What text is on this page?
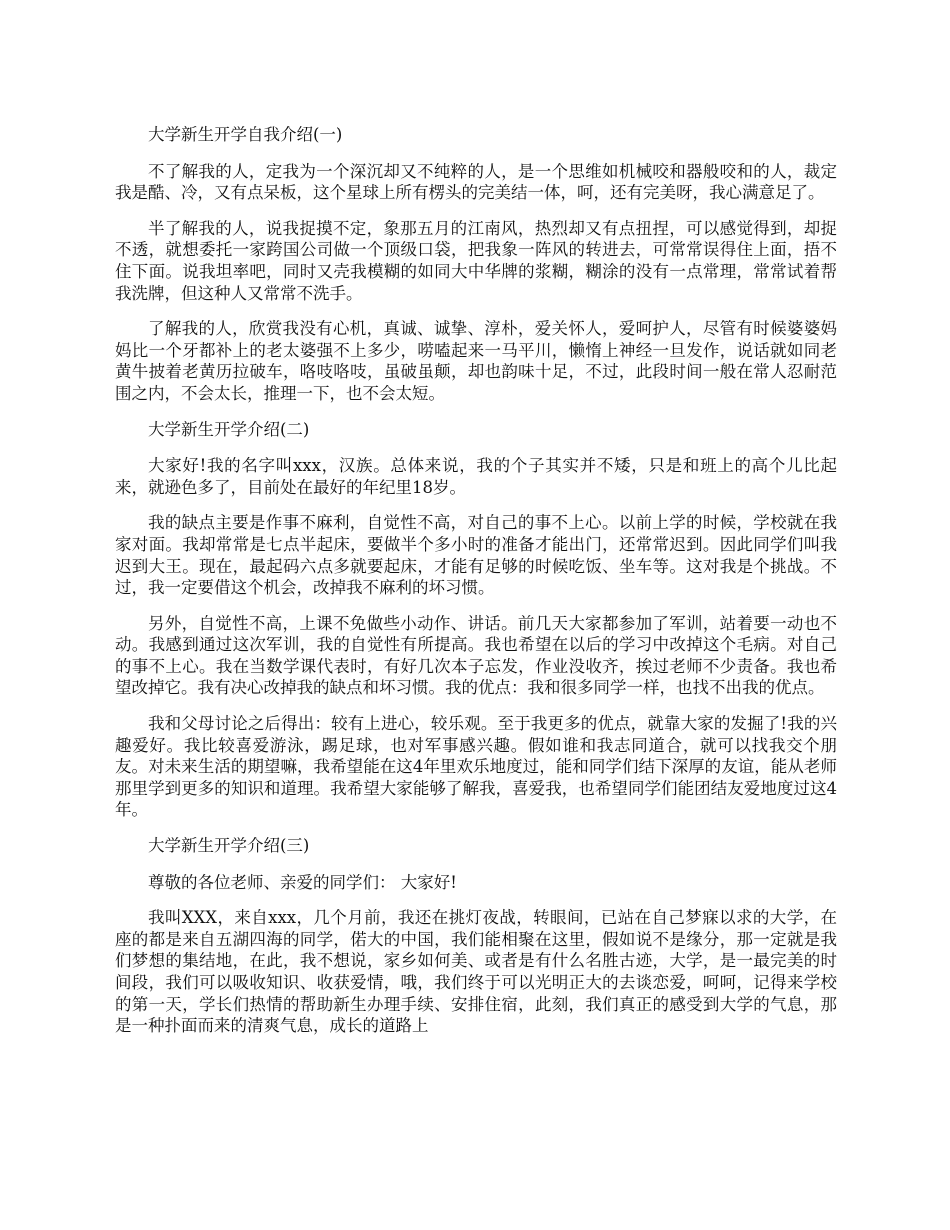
大学新生开学自我介绍(一)

不了解我的人，定我为一个深沉却又不纯粹的人，是一个思维如机械咬和器般咬和的人，裁定我是酷、冷，又有点呆板，这个星球上所有楞头的完美结一体，呵，还有完美呀，我心满意足了。

半了解我的人，说我捉摸不定，象那五月的江南风，热烈却又有点扭捏，可以感觉得到，却捉不透，就想委托一家跨国公司做一个顶级口袋，把我象一阵风的转进去，可常常误得住上面，捂不住下面。说我坦率吧，同时又壳我模糊的如同大中华牌的浆糊，糊涂的没有一点常理，常常试着帮我洗牌，但这种人又常常不洗手。

了解我的人，欣赏我没有心机，真诚、诚挚、淳朴，爱关怀人，爱呵护人，尽管有时候婆婆妈妈比一个牙都补上的老太婆强不上多少，唠嗑起来一马平川，懒惰上神经一旦发作，说话就如同老黄牛披着老黄历拉破车，咯吱咯吱，虽破虽颠，却也韵味十足，不过，此段时间一般在常人忍耐范围之内，不会太长，推理一下，也不会太短。

大学新生开学介绍(二)

大家好!我的名字叫xxx，汉族。总体来说，我的个子其实并不矮，只是和班上的高个儿比起来，就逊色多了，目前处在最好的年纪里18岁。

我的缺点主要是作事不麻利，自觉性不高，对自己的事不上心。以前上学的时候，学校就在我家对面。我却常常是七点半起床，要做半个多小时的准备才能出门，还常常迟到。因此同学们叫我迟到大王。现在，最起码六点多就要起床，才能有足够的时候吃饭、坐车等。这对我是个挑战。不过，我一定要借这个机会，改掉我不麻利的坏习惯。

另外，自觉性不高，上课不免做些小动作、讲话。前几天大家都参加了军训，站着要一动也不动。我感到通过这次军训，我的自觉性有所提高。我也希望在以后的学习中改掉这个毛病。对自己的事不上心。我在当数学课代表时，有好几次本子忘发，作业没收齐，挨过老师不少责备。我也希望改掉它。我有决心改掉我的缺点和坏习惯。我的优点：我和很多同学一样，也找不出我的优点。

我和父母讨论之后得出：较有上进心，较乐观。至于我更多的优点，就靠大家的发掘了!我的兴趣爱好。我比较喜爱游泳，踢足球，也对军事感兴趣。假如谁和我志同道合，就可以找我交个朋友。对未来生活的期望嘛，我希望能在这4年里欢乐地度过，能和同学们结下深厚的友谊，能从老师那里学到更多的知识和道理。我希望大家能够了解我，喜爱我，也希望同学们能团结友爱地度过这4年。

大学新生开学介绍(三)

尊敬的各位老师、亲爱的同学们： 大家好!

我叫XXX，来自xxx，几个月前，我还在挑灯夜战，转眼间，已站在自己梦寐以求的大学，在座的都是来自五湖四海的同学，偌大的中国，我们能相聚在这里，假如说不是缘分，那一定就是我们梦想的集结地，在此，我不想说，家乡如何美、或者是有什么名胜古迹，大学，是一最完美的时间段，我们可以吸收知识、收获爱情，哦，我们终于可以光明正大的去谈恋爱，呵呵，记得来学校的第一天，学长们热情的帮助新生办理手续、安排住宿，此刻，我们真正的感受到大学的气息，那是一种扑面而来的清爽气息，成长的道路上
